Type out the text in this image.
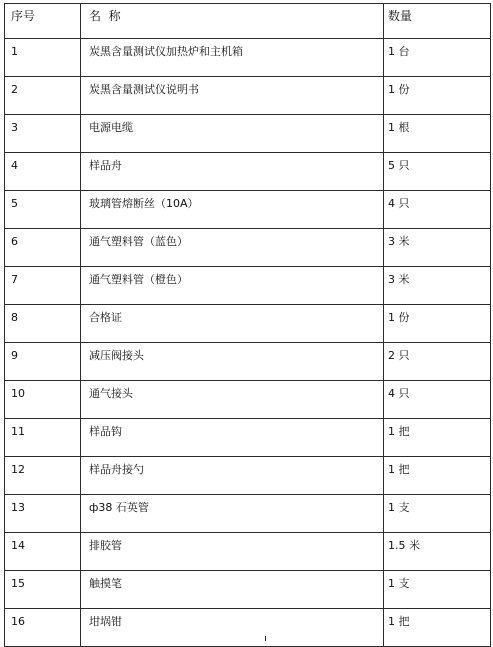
序号	名  称	数量
1	炭黑含量测试仪加热炉和主机箱	1 台
2	炭黑含量测试仪说明书	1 份
3	电源电缆	1 根
4	样品舟	5 只
5	玻璃管熔断丝（10A）	4 只
6	通气塑料管（蓝色）	3 米
7	通气塑料管（橙色）	3 米
8	合格证	1 份
9	减压阀接头	2 只
10	通气接头	4 只
11	样品钩	1 把
12	样品舟接勺	1 把
13	ф38 石英管	1 支
14	排胶管	1.5 米
15	触摸笔	1 支
16	坩埚钳	1 把
